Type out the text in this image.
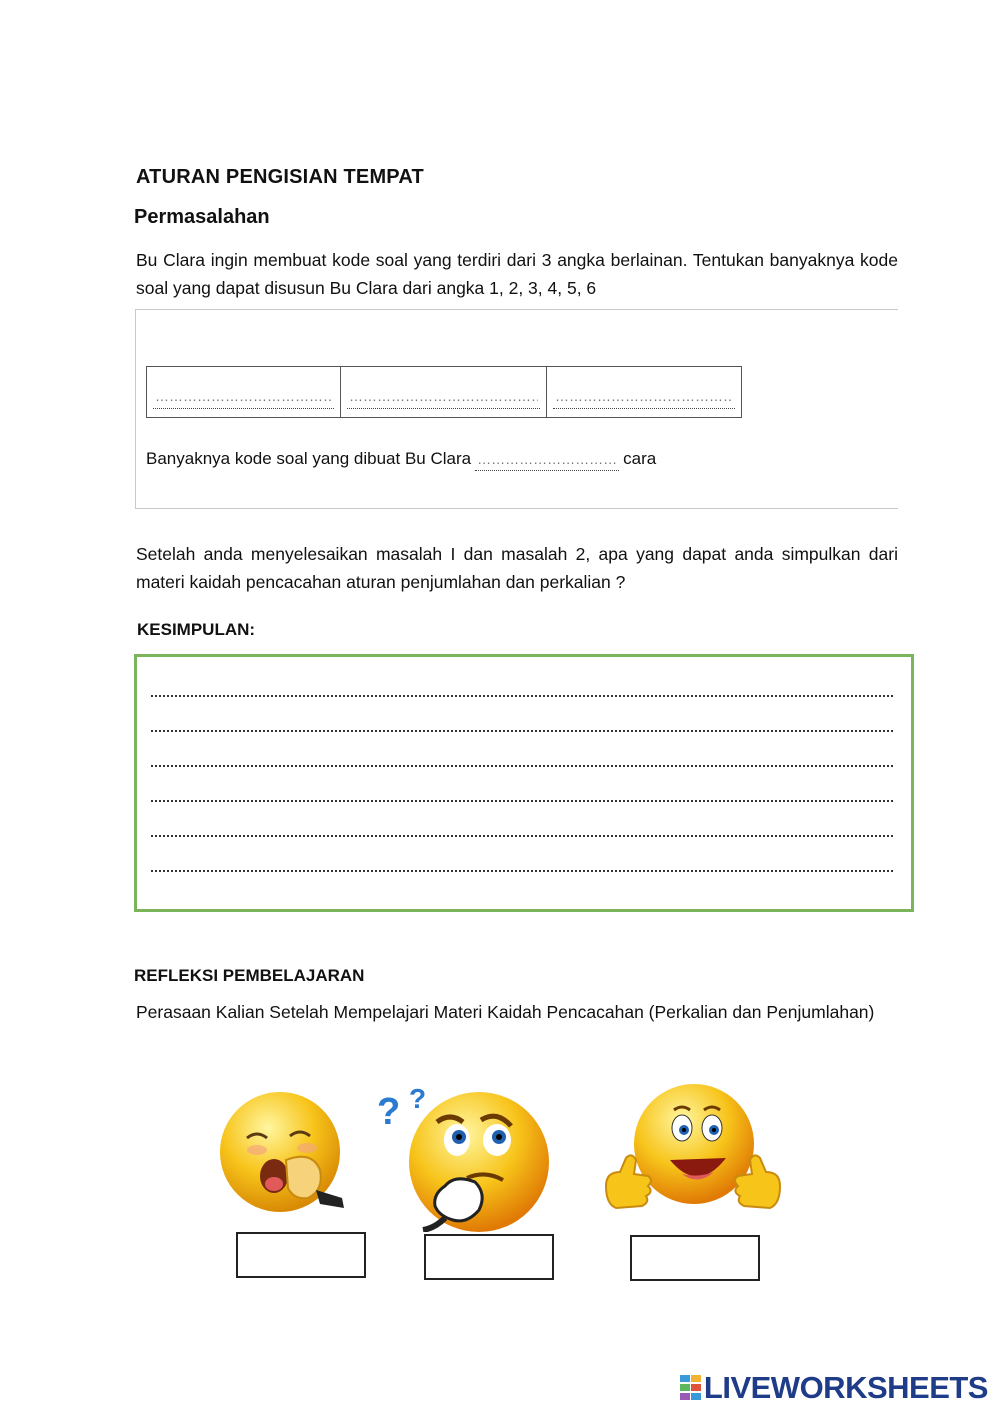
ATURAN PENGISIAN TEMPAT
Permasalahan
Bu Clara ingin membuat kode soal yang terdiri dari 3 angka berlainan. Tentukan banyaknya kode soal yang dapat disusun Bu Clara dari angka 1, 2, 3, 4, 5, 6
……………………………………
……………………………………
……………………………………
Banyaknya kode soal yang dibuat Bu Clara……………………………	cara
Setelah anda menyelesaikan masalah I dan masalah 2, apa yang dapat anda simpulkan dari materi kaidah pencacahan aturan penjumlahan dan perkalian ?
KESIMPULAN:
REFLEKSI PEMBELAJARAN
Perasaan Kalian Setelah Mempelajari Materi Kaidah Pencacahan (Perkalian dan Penjumlahan)
? ?
LIVEWORKSHEETS
